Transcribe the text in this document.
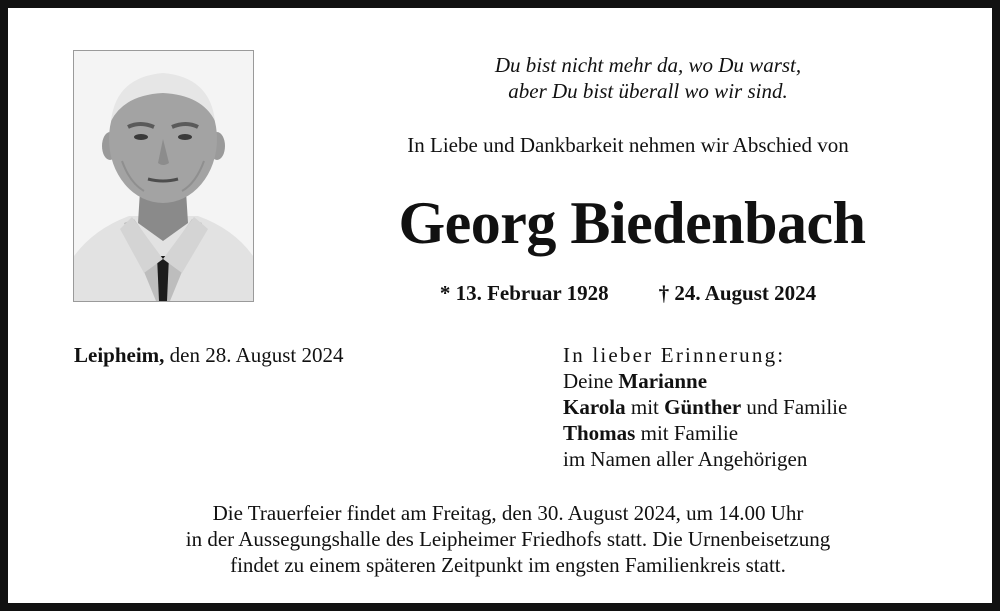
Du bist nicht mehr da, wo Du warst,
aber Du bist überall wo wir sind.
In Liebe und Dankbarkeit nehmen wir Abschied von
Georg Biedenbach
* 13. Februar 1928 † 24. August 2024
Leipheim, den 28. August 2024	In lieber Erinnerung:
Deine Marianne
Karola mit Günther und Familie
Thomas mit Familie
im Namen aller Angehörigen
Die Trauerfeier findet am Freitag, den 30. August 2024, um 14.00 Uhr
in der Aussegungshalle des Leipheimer Friedhofs statt. Die Urnenbeisetzung
findet zu einem späteren Zeitpunkt im engsten Familienkreis statt.
